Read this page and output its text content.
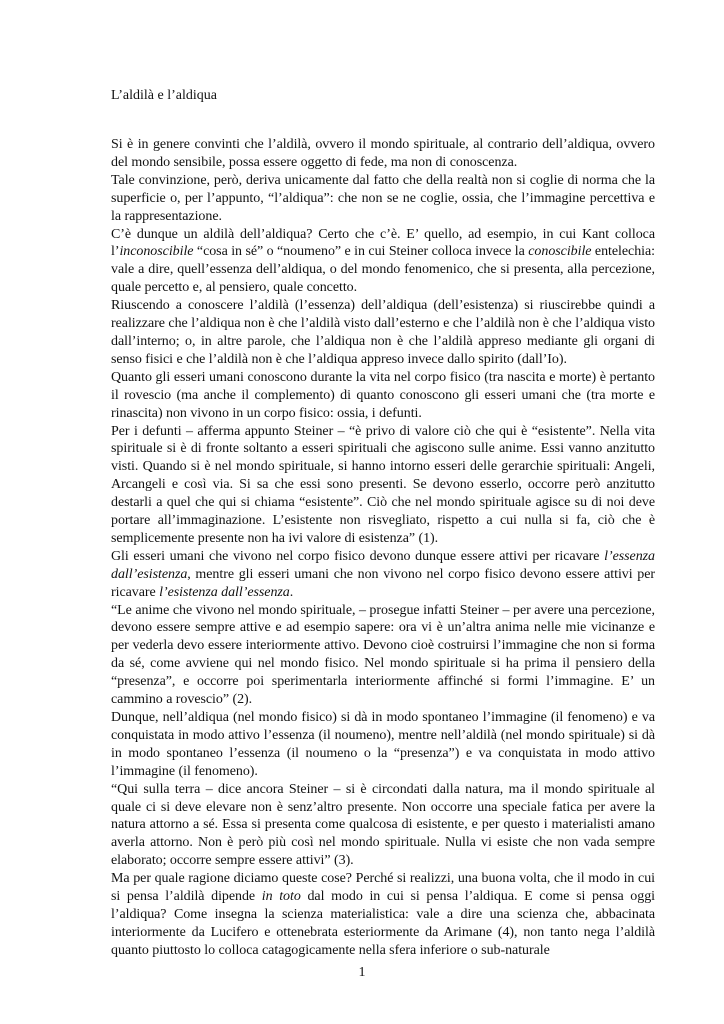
L’aldilà e l’aldiqua

Si è in genere convinti che l’aldilà, ovvero il mondo spirituale, al contrario dell’aldiqua, ovvero del mondo sensibile, possa essere oggetto di fede, ma non di conoscenza.

Tale convinzione, però, deriva unicamente dal fatto che della realtà non si coglie di norma che la superficie o, per l’appunto, “l’aldiqua”: che non se ne coglie, ossia, che l’immagine percettiva e la rappresentazione.

C’è dunque un aldilà dell’aldiqua? Certo che c’è. E’ quello, ad esempio, in cui Kant colloca l’inconoscibile “cosa in sé” o “noumeno” e in cui Steiner colloca invece la conoscibile entelechia: vale a dire, quell’essenza dell’aldiqua, o del mondo fenomenico, che si presenta, alla percezione, quale percetto e, al pensiero, quale concetto.

Riuscendo a conoscere l’aldilà (l’essenza) dell’aldiqua (dell’esistenza) si riuscirebbe quindi a realizzare che l’aldiqua non è che l’aldilà visto dall’esterno e che l’aldilà non è che l’aldiqua visto dall’interno; o, in altre parole, che l’aldiqua non è che l’aldilà appreso mediante gli organi di senso fisici e che l’aldilà non è che l’aldiqua appreso invece dallo spirito (dall’Io).

Quanto gli esseri umani conoscono durante la vita nel corpo fisico (tra nascita e morte) è pertanto il rovescio (ma anche il complemento) di quanto conoscono gli esseri umani che (tra morte e rinascita) non vivono in un corpo fisico: ossia, i defunti.

Per i defunti – afferma appunto Steiner – “è privo di valore ciò che qui è “esistente”. Nella vita spirituale si è di fronte soltanto a esseri spirituali che agiscono sulle anime. Essi vanno anzitutto visti. Quando si è nel mondo spirituale, si hanno intorno esseri delle gerarchie spirituali: Angeli, Arcangeli e così via. Si sa che essi sono presenti. Se devono esserlo, occorre però anzitutto destarli a quel che qui si chiama “esistente”. Ciò che nel mondo spirituale agisce su di noi deve portare all’immaginazione. L’esistente non risvegliato, rispetto a cui nulla si fa, ciò che è semplicemente presente non ha ivi valore di esistenza” (1).

Gli esseri umani che vivono nel corpo fisico devono dunque essere attivi per ricavare l’essenza dall’esistenza, mentre gli esseri umani che non vivono nel corpo fisico devono essere attivi per ricavare l’esistenza dall’essenza.

“Le anime che vivono nel mondo spirituale, – prosegue infatti Steiner – per avere una percezione, devono essere sempre attive e ad esempio sapere: ora vi è un’altra anima nelle mie vicinanze e per vederla devo essere interiormente attivo. Devono cioè costruirsi l’immagine che non si forma da sé, come avviene qui nel mondo fisico. Nel mondo spirituale si ha prima il pensiero della “presenza”, e occorre poi sperimentarla interiormente affinché si formi l’immagine. E’ un cammino a rovescio” (2).

Dunque, nell’aldiqua (nel mondo fisico) si dà in modo spontaneo l’immagine (il fenomeno) e va conquistata in modo attivo l’essenza (il noumeno), mentre nell’aldilà (nel mondo spirituale) si dà in modo spontaneo l’essenza (il noumeno o la “presenza”) e va conquistata in modo attivo l’immagine (il fenomeno).

“Qui sulla terra – dice ancora Steiner – si è circondati dalla natura, ma il mondo spirituale al quale ci si deve elevare non è senz’altro presente. Non occorre una speciale fatica per avere la natura attorno a sé. Essa si presenta come qualcosa di esistente, e per questo i materialisti amano averla attorno. Non è però più così nel mondo spirituale. Nulla vi esiste che non vada sempre elaborato; occorre sempre essere attivi” (3).

Ma per quale ragione diciamo queste cose? Perché si realizzi, una buona volta, che il modo in cui si pensa l’aldilà dipende in toto dal modo in cui si pensa l’aldiqua. E come si pensa oggi l’aldiqua? Come insegna la scienza materialistica: vale a dire una scienza che, abbacinata interiormente da Lucifero e ottenebrata esteriormente da Arimane (4), non tanto nega l’aldilà quanto piuttosto lo colloca catagogicamente nella sfera inferiore o sub-naturale

1
